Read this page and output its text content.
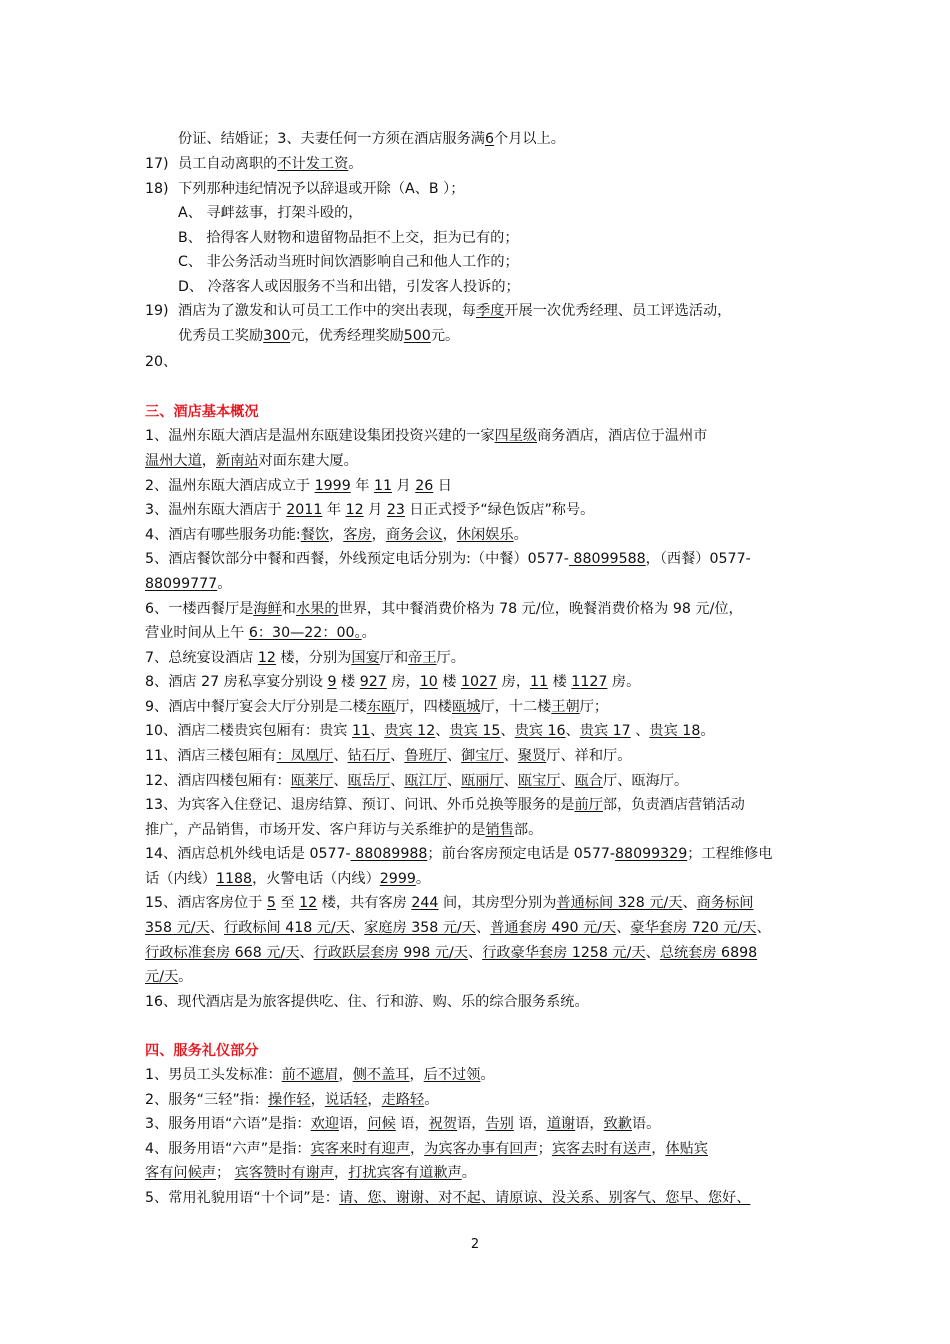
份证、结婚证；3、夫妻任何一方须在酒店服务满6个月以上。
17) 员工自动离职的不计发工资。
18) 下列那种违纪情况予以辞退或开除（A、B ）；
A、 寻衅兹事，打架斗殴的，
B、 拾得客人财物和遗留物品拒不上交，拒为已有的；
C、 非公务活动当班时间饮酒影响自己和他人工作的；
D、 冷落客人或因服务不当和出错，引发客人投诉的；
19) 酒店为了激发和认可员工工作中的突出表现，每季度开展一次优秀经理、员工评选活动，
优秀员工奖励300元，优秀经理奖励500元。
20、
三、酒店基本概况
1、温州东瓯大酒店是温州东瓯建设集团投资兴建的一家四星级商务酒店，酒店位于温州市
温州大道，新南站对面东建大厦。
2、温州东瓯大酒店成立于 1999 年 11 月 26 日
3、温州东瓯大酒店于 2011 年 12 月 23 日正式授予“绿色饭店”称号。
4、酒店有哪些服务功能:餐饮，客房，商务会议，休闲娱乐。
5、酒店餐饮部分中餐和西餐，外线预定电话分别为:（中餐）0577- 88099588，（西餐）0577-
88099777。
6、一楼西餐厅是海鲜和水果的世界，其中餐消费价格为 78 元/位，晚餐消费价格为 98 元/位，
营业时间从上午 6：30—22：00。。
7、总统宴设酒店 12 楼，分别为国宴厅和帝王厅。
8、酒店 27 房私享宴分别设 9 楼 927 房，10 楼 1027 房，11 楼 1127 房。
9、酒店中餐厅宴会大厅分别是二楼东瓯厅，四楼瓯城厅，十二楼王朝厅；
10、酒店二楼贵宾包厢有：贵宾 11、贵宾 12、贵宾 15、贵宾 16、贵宾 17 、贵宾 18。
11、酒店三楼包厢有：凤凰厅、钻石厅、鲁班厅、御宝厅、聚贤厅、祥和厅。
12、酒店四楼包厢有：瓯莱厅、瓯岳厅、瓯江厅、瓯丽厅、瓯宝厅、瓯合厅、瓯海厅。
13、为宾客入住登记、退房结算、预订、问讯、外币兑换等服务的是前厅部，负责酒店营销活动
推广，产品销售，市场开发、客户拜访与关系维护的是销售部。
14、酒店总机外线电话是 0577- 88089988；前台客房预定电话是 0577-88099329；工程维修电
话（内线）1188，火警电话（内线）2999。
15、酒店客房位于 5 至 12 楼，共有客房 244 间，其房型分别为普通标间 328 元/天、商务标间
358 元/天、行政标间 418 元/天、家庭房 358 元/天、普通套房 490 元/天、豪华套房 720 元/天、
行政标准套房 668 元/天、行政跃层套房 998 元/天、行政豪华套房 1258 元/天、总统套房 6898
元/天。
16、现代酒店是为旅客提供吃、住、行和游、购、乐的综合服务系统。
四、服务礼仪部分
1、男员工头发标准：前不遮眉，侧不盖耳，后不过领。
2、服务“三轻”指：操作轻，说话轻，走路轻。
3、服务用语“六语”是指：欢迎语，问候 语，祝贺语，告别 语，道谢语，致歉语。
4、服务用语“六声”是指：宾客来时有迎声，为宾客办事有回声；宾客去时有送声，体贴宾
客有问候声； 宾客赞时有谢声，打扰宾客有道歉声。
5、常用礼貌用语“十个词”是：请、您、谢谢、对不起、请原谅、没关系、别客气、您早、您好、
2
